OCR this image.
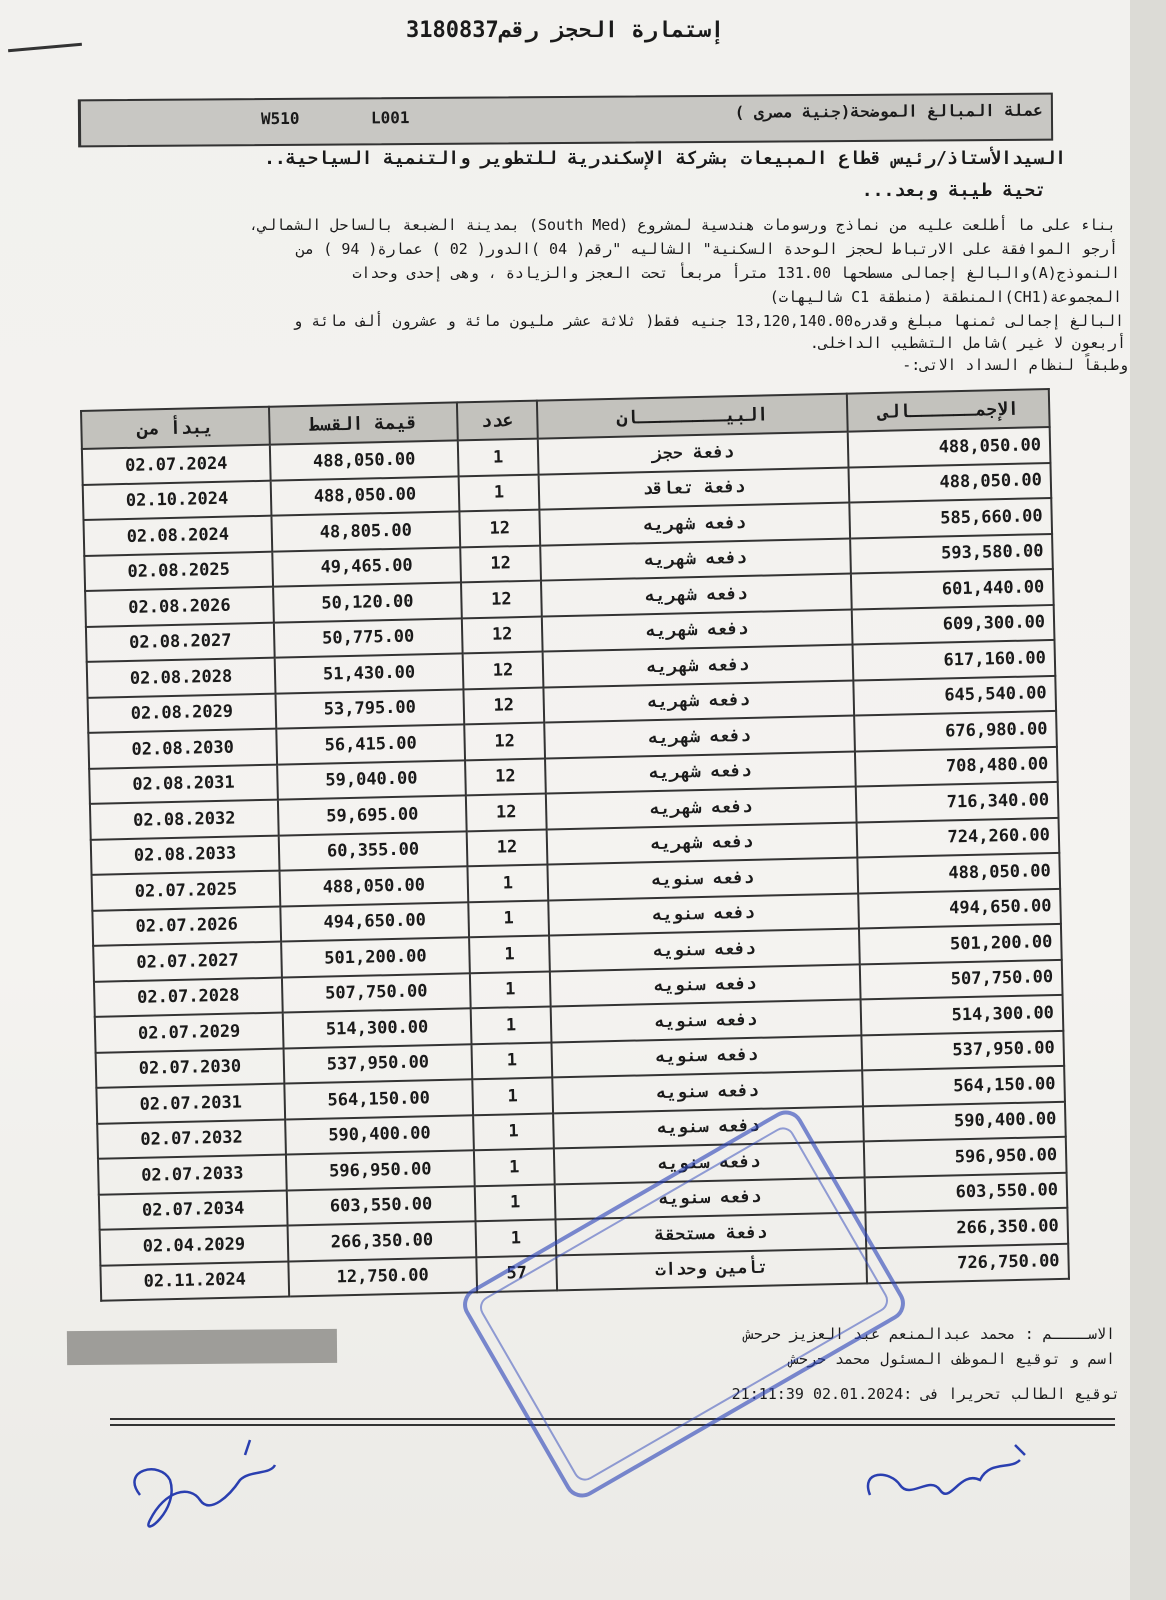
إستمارة الحجز رقم3180837
عملة المبالغ الموضحة(جنية مصرى )
W510	L001
السيدالأستاذ/رئيس قطاع المبيعات بشركة الإسكندرية للتطوير والتنمية السياحية..
تحية طيبة وبعد...
بناء على ما أطلعت عليه من نماذج ورسومات هندسية لمشروع (South Med) بمدينة الضبعة بالساحل الشمالي،
أرجو الموافقة على الارتباط لحجز الوحدة السكنية" الشاليه "رقم( 04 )الدور( 02 ) عمارة( 94 ) من
النموذج(A)والبالغ إجمالى مسطحها 131.00 مترأ مربعأ تحت العجز والزيادة ، وهى إحدى وحدات
المجموعة(CH1)المنطقة (منطقة C1 شاليهات)
البالغ إجمالى ثمنها مبلغ وقدره13,120,140.00 جنيه فقط( ثلاثة عشر مليون مائة و عشرون ألف مائة و
أربعون لا غير )شامل التشطيب الداخلى.
وطبقاً لنظام السداد الاتى:-
يبدأ من	قيمة القسط	عدد	البيــــــــان	الإجمــــــالى
02.07.2024	488,050.00	1	دفعة حجز	488,050.00
02.10.2024	488,050.00	1	دفعة تعاقد	488,050.00
02.08.2024	48,805.00	12	دفعه شهريه	585,660.00
02.08.2025	49,465.00	12	دفعه شهريه	593,580.00
02.08.2026	50,120.00	12	دفعه شهريه	601,440.00
02.08.2027	50,775.00	12	دفعه شهريه	609,300.00
02.08.2028	51,430.00	12	دفعه شهريه	617,160.00
02.08.2029	53,795.00	12	دفعه شهريه	645,540.00
02.08.2030	56,415.00	12	دفعه شهريه	676,980.00
02.08.2031	59,040.00	12	دفعه شهريه	708,480.00
02.08.2032	59,695.00	12	دفعه شهريه	716,340.00
02.08.2033	60,355.00	12	دفعه شهريه	724,260.00
02.07.2025	488,050.00	1	دفعه سنويه	488,050.00
02.07.2026	494,650.00	1	دفعه سنويه	494,650.00
02.07.2027	501,200.00	1	دفعه سنويه	501,200.00
02.07.2028	507,750.00	1	دفعه سنويه	507,750.00
02.07.2029	514,300.00	1	دفعه سنويه	514,300.00
02.07.2030	537,950.00	1	دفعه سنويه	537,950.00
02.07.2031	564,150.00	1	دفعه سنويه	564,150.00
02.07.2032	590,400.00	1	دفعه سنويه	590,400.00
02.07.2033	596,950.00	1	دفعه سنويه	596,950.00
02.07.2034	603,550.00	1	دفعه سنويه	603,550.00
02.04.2029	266,350.00	1	دفعة مستحقة	266,350.00
02.11.2024	12,750.00	57	تأمين وحدات	726,750.00
الاســــم : محمد عبدالمنعم عبد العزيز حرحش
اسم و توقيع الموظف المسئول محمد حرحش
توقيع الطالب تحريرا فى :02.01.2024 21:11:39
